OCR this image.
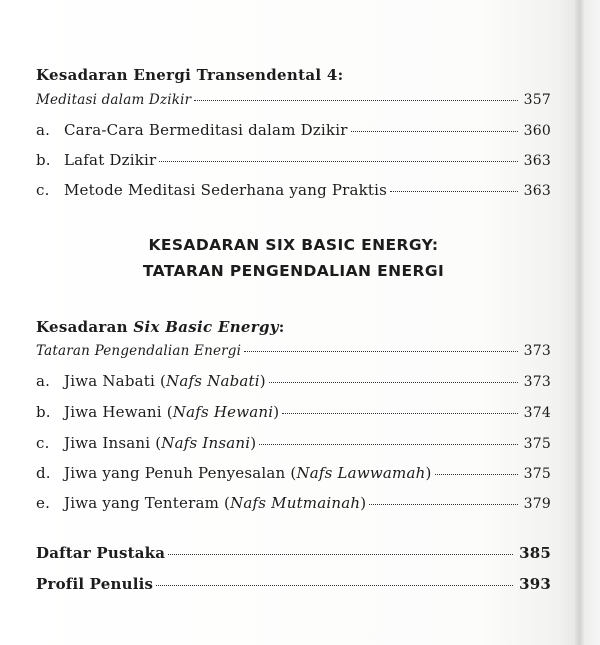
Kesadaran Energi Transendental 4:
Meditasi dalam Dzikir	357
a. Cara-Cara Bermeditasi dalam Dzikir	360
b. Lafat Dzikir	363
c. Metode Meditasi Sederhana yang Praktis	363
KESADARAN SIX BASIC ENERGY:
TATARAN PENGENDALIAN ENERGI
Kesadaran Six Basic Energy:
Tataran Pengendalian Energi	373
a. Jiwa Nabati ( Nafs Nabati )	373
b. Jiwa Hewani ( Nafs Hewani )	374
c. Jiwa Insani ( Nafs Insani )	375
d. Jiwa yang Penuh Penyesalan ( Nafs Lawwamah )	375
e. Jiwa yang Tenteram ( Nafs Mutmainah )	379
Daftar Pustaka	385
Profil Penulis	393
